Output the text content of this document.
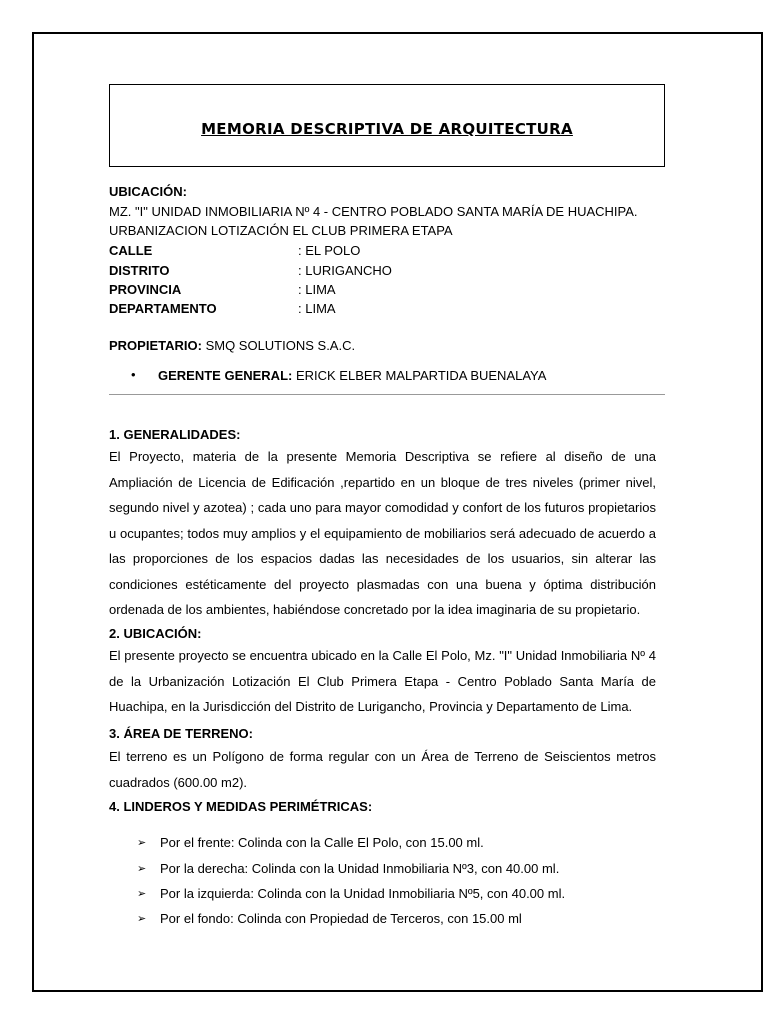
MEMORIA DESCRIPTIVA DE ARQUITECTURA
UBICACIÓN:
MZ. "I" UNIDAD INMOBILIARIA Nº 4 - CENTRO POBLADO SANTA MARÍA DE HUACHIPA.
URBANIZACION LOTIZACIÓN EL CLUB PRIMERA ETAPA
CALLE	: EL POLO
DISTRITO	: LURIGANCHO
PROVINCIA	: LIMA
DEPARTAMENTO	: LIMA
PROPIETARIO: SMQ SOLUTIONS S.A.C.
• GERENTE GENERAL: ERICK ELBER MALPARTIDA BUENALAYA
1. GENERALIDADES:

El Proyecto, materia de la presente Memoria Descriptiva se refiere al diseño de una Ampliación de Licencia de Edificación ,repartido en un bloque de tres niveles (primer nivel, segundo nivel y azotea) ; cada uno para mayor comodidad y confort de los futuros propietarios u ocupantes; todos muy amplios y el equipamiento de mobiliarios será adecuado de acuerdo a las proporciones de los espacios dadas las necesidades de los usuarios, sin alterar las condiciones estéticamente del proyecto plasmadas con una buena y óptima distribución ordenada de los ambientes, habiéndose concretado por la idea imaginaria de su propietario.

2. UBICACIÓN:

El presente proyecto se encuentra ubicado en la Calle El Polo, Mz. "I" Unidad Inmobiliaria Nº 4 de la Urbanización Lotización El Club Primera Etapa - Centro Poblado Santa María de Huachipa, en la Jurisdicción del Distrito de Lurigancho, Provincia y Departamento de Lima.

3. ÁREA DE TERRENO:

El terreno es un Polígono de forma regular con un Área de Terreno de Seiscientos metros cuadrados (600.00 m2).

4. LINDEROS Y MEDIDAS PERIMÉTRICAS:
➢ Por el frente: Colinda con la Calle El Polo, con 15.00 ml.
➢ Por la derecha: Colinda con la Unidad Inmobiliaria Nº3, con 40.00 ml.
➢ Por la izquierda: Colinda con la Unidad Inmobiliaria Nº5, con 40.00 ml.
➢ Por el fondo: Colinda con Propiedad de Terceros, con 15.00 ml
